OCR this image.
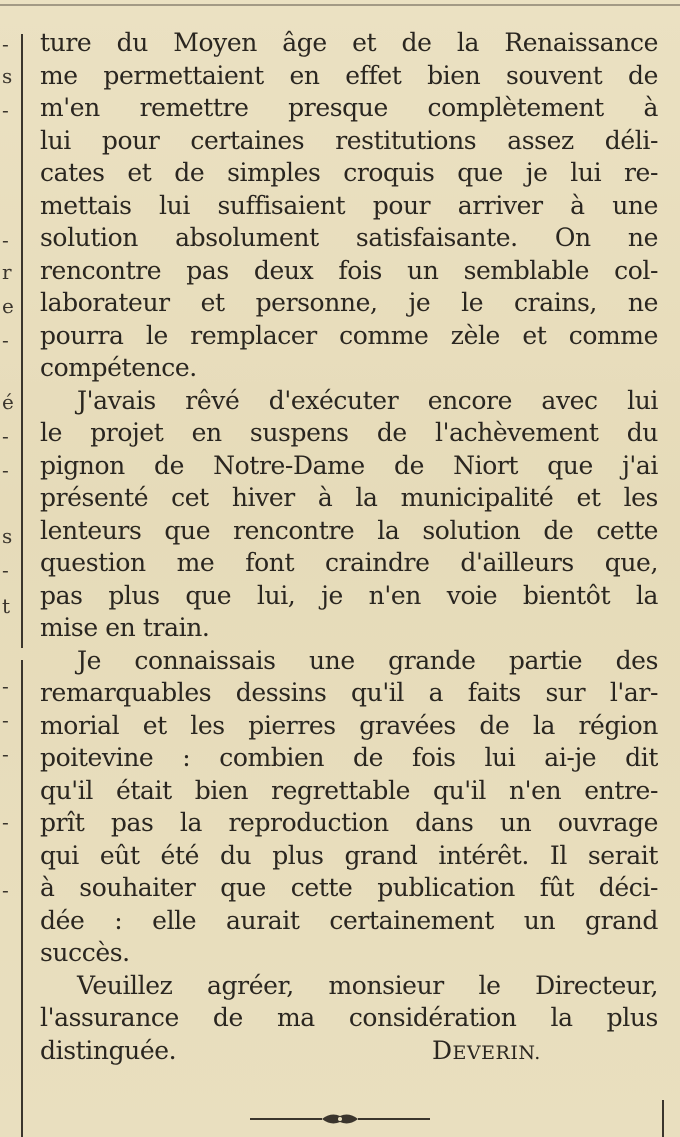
-
s
-
-
r
e
-
é
-
-
s
-
t
-
-
-
-
-
ture du Moyen âge et de la Renaissance
me permettaient en effet bien souvent de
m'en remettre presque complètement à
lui pour certaines restitutions assez déli-
cates et de simples croquis que je lui re-
mettais lui suffisaient pour arriver à une
solution absolument satisfaisante. On ne
rencontre pas deux fois un semblable col-
laborateur et personne, je le crains, ne
pourra le remplacer comme zèle et comme
compétence.
J'avais rêvé d'exécuter encore avec lui
le projet en suspens de l'achèvement du
pignon de Notre-Dame de Niort que j'ai
présenté cet hiver à la municipalité et les
lenteurs que rencontre la solution de cette
question me font craindre d'ailleurs que,
pas plus que lui, je n'en voie bientôt la
mise en train.
Je connaissais une grande partie des
remarquables dessins qu'il a faits sur l'ar-
morial et les pierres gravées de la région
poitevine : combien de fois lui ai-je dit
qu'il était bien regrettable qu'il n'en entre-
prît pas la reproduction dans un ouvrage
qui eût été du plus grand intérêt. Il serait
à souhaiter que cette publication fût déci-
dée : elle aurait certainement un grand
succès.
Veuillez agréer, monsieur le Directeur,
l'assurance de ma considération la plus
distinguée.	DEVERIN.
